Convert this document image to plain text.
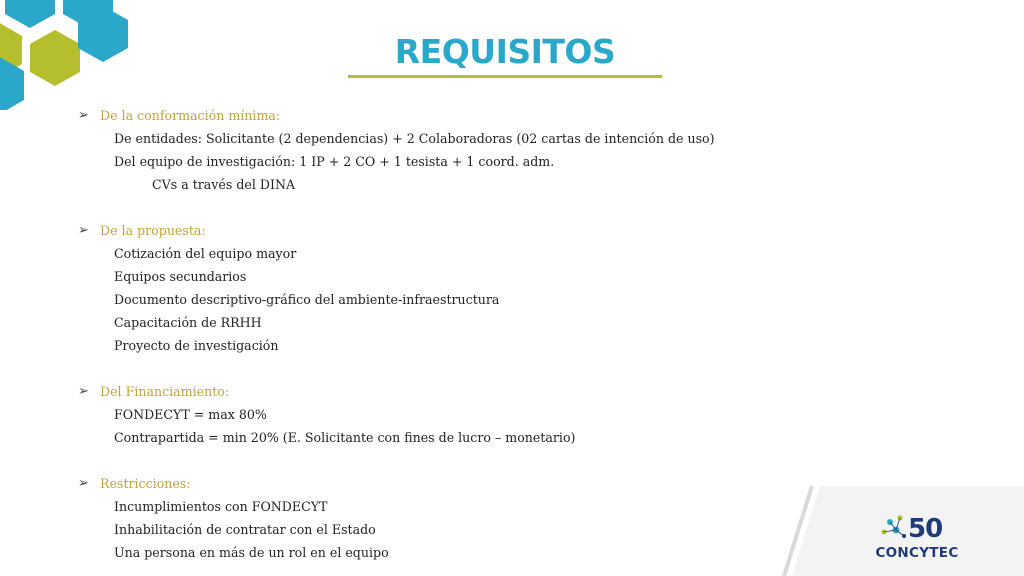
REQUISITOS
➢ De la conformación mínima:
De entidades: Solicitante (2 dependencias) + 2 Colaboradoras (02 cartas de intención de uso)
Del equipo de investigación: 1 IP + 2 CO + 1 tesista + 1 coord. adm.
CVs a través del DINA
➢ De la propuesta:
Cotización del equipo mayor
Equipos secundarios
Documento descriptivo-gráfico del ambiente-infraestructura
Capacitación de RRHH
Proyecto de investigación
➢ Del Financiamiento:
FONDECYT = max 80%
Contrapartida = min 20% (E. Solicitante con fines de lucro – monetario)
➢ Restricciones:
Incumplimientos con FONDECYT
Inhabilitación de contratar con el Estado
Una persona en más de un rol en el equipo
50
CONCYTEC
